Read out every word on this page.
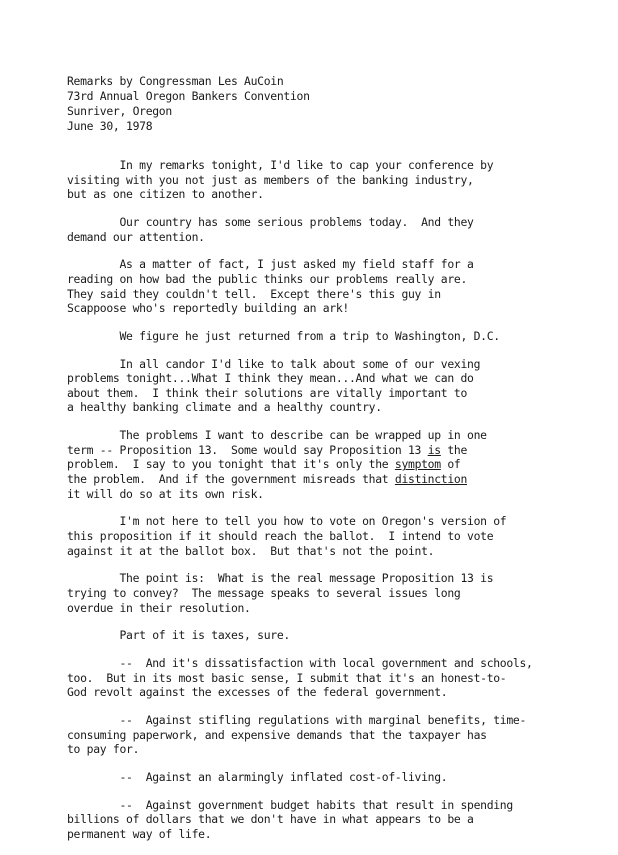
Remarks by Congressman Les AuCoin
73rd Annual Oregon Bankers Convention
Sunriver, Oregon
June 30, 1978
In my remarks tonight, I'd like to cap your conference by
visiting with you not just as members of the banking industry,
but as one citizen to another.
Our country has some serious problems today.  And they
demand our attention.
As a matter of fact, I just asked my field staff for a
reading on how bad the public thinks our problems really are.
They said they couldn't tell.  Except there's this guy in
Scappoose who's reportedly building an ark!
We figure he just returned from a trip to Washington, D.C.
In all candor I'd like to talk about some of our vexing
problems tonight...What I think they mean...And what we can do
about them.  I think their solutions are vitally important to
a healthy banking climate and a healthy country.
The problems I want to describe can be wrapped up in one
term -- Proposition 13.  Some would say Proposition 13 is the
problem.  I say to you tonight that it's only the symptom of
the problem.  And if the government misreads that distinction
it will do so at its own risk.
I'm not here to tell you how to vote on Oregon's version of
this proposition if it should reach the ballot.  I intend to vote
against it at the ballot box.  But that's not the point.
The point is:  What is the real message Proposition 13 is
trying to convey?  The message speaks to several issues long
overdue in their resolution.
Part of it is taxes, sure.
--  And it's dissatisfaction with local government and schools,
too.  But in its most basic sense, I submit that it's an honest-to-
God revolt against the excesses of the federal government.
--  Against stifling regulations with marginal benefits, time-
consuming paperwork, and expensive demands that the taxpayer has
to pay for.
--  Against an alarmingly inflated cost-of-living.
--  Against government budget habits that result in spending
billions of dollars that we don't have in what appears to be a
permanent way of life.
